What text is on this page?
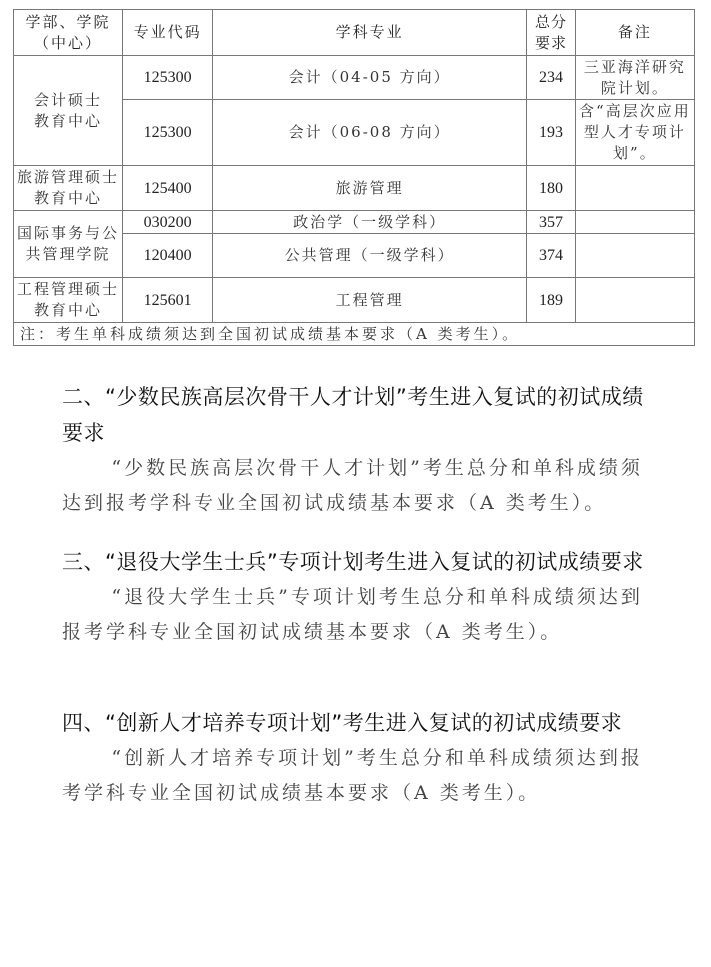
学部、学院（中心）	专业代码	学科专业	总分要求	备注
会计硕士教育中心	125300	会计（04-05 方向）	234	三亚海洋研究院计划。
	125300	会计（06-08 方向）	193	含“高层次应用型人才专项计划”。
旅游管理硕士教育中心	125400	旅游管理	180	
国际事务与公共管理学院	030200	政治学（一级学科）	357	
	120400	公共管理（一级学科）	374	
工程管理硕士教育中心	125601	工程管理	189	
注：考生单科成绩须达到全国初试成绩基本要求（A 类考生）。				
二、“少数民族高层次骨干人才计划”考生进入复试的初试成绩要求

“少数民族高层次骨干人才计划”考生总分和单科成绩须达到报考学科专业全国初试成绩基本要求（A 类考生）。

三、“退役大学生士兵”专项计划考生进入复试的初试成绩要求

“退役大学生士兵”专项计划考生总分和单科成绩须达到报考学科专业全国初试成绩基本要求（A 类考生）。

四、“创新人才培养专项计划”考生进入复试的初试成绩要求

“创新人才培养专项计划”考生总分和单科成绩须达到报考学科专业全国初试成绩基本要求（A 类考生）。
